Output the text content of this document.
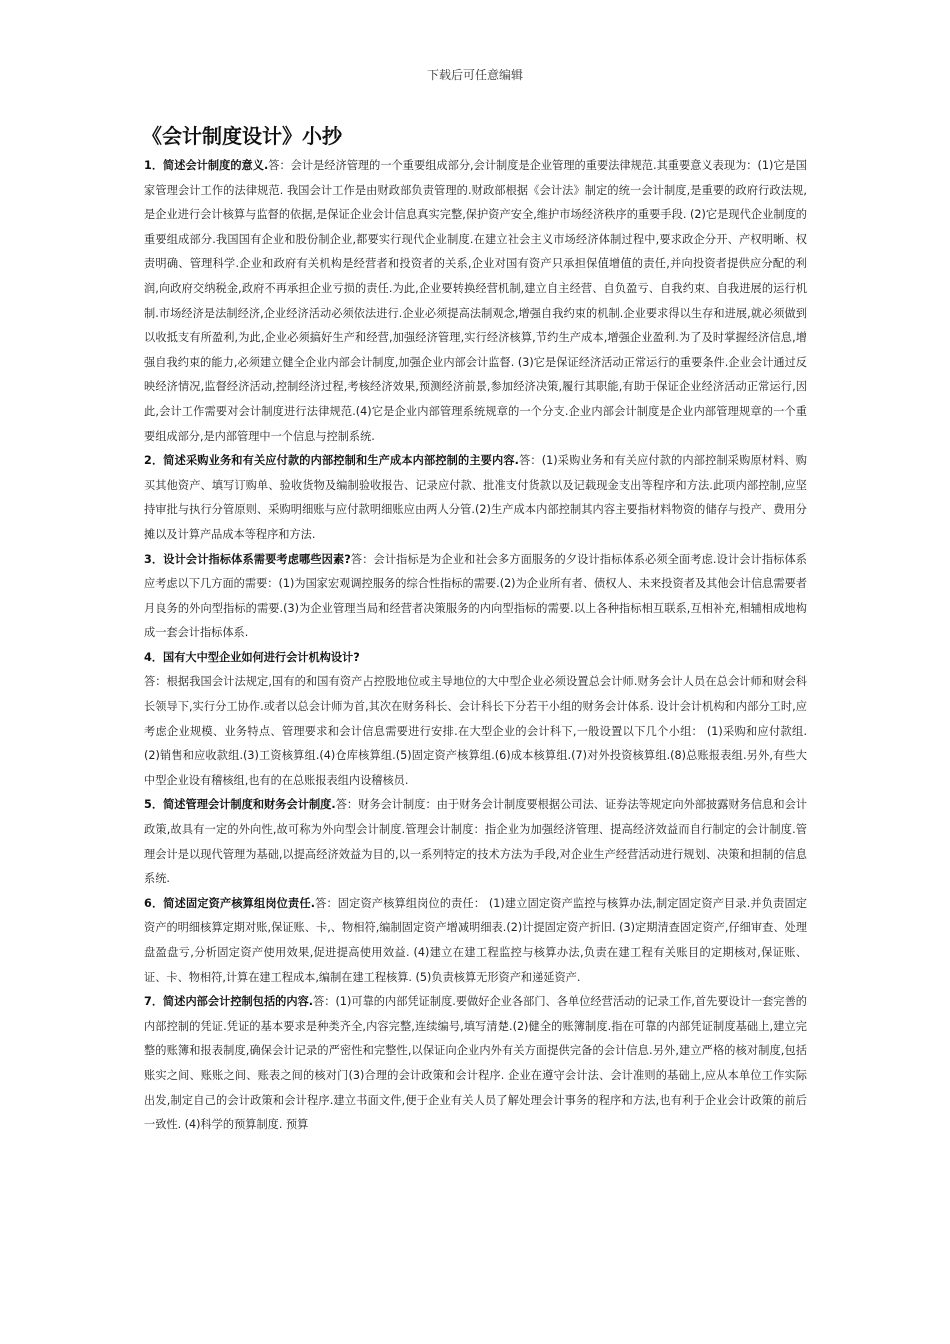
下载后可任意编辑
《会计制度设计》小抄

1．简述会计制度的意义.答：会计是经济管理的一个重要组成部分,会计制度是企业管理的重要法律规范.其重要意义表现为：(1)它是国家管理会计工作的法律规范. 我国会计工作是由财政部负责管理的.财政部根据《会计法》制定的统一会计制度,是重要的政府行政法规,是企业进行会计核算与监督的依据,是保证企业会计信息真实完整,保护资产安全,维护市场经济秩序的重要手段. (2)它是现代企业制度的重要组成部分.我国国有企业和股份制企业,都要实行现代企业制度.在建立社会主义市场经济体制过程中,要求政企分开、产权明晰、权责明确、管理科学.企业和政府有关机构是经营者和投资者的关系,企业对国有资产只承担保值增值的责任,并向投资者提供应分配的利润,向政府交纳税金,政府不再承担企业亏损的责任.为此,企业要转换经营机制,建立自主经营、自负盈亏、自我约束、自我进展的运行机制.市场经济是法制经济,企业经济活动必须依法进行.企业必须提高法制观念,增强自我约束的机制.企业要求得以生存和进展,就必须做到以收抵支有所盈利,为此,企业必须搞好生产和经营,加强经济管理,实行经济核算,节约生产成本,增强企业盈利.为了及时掌握经济信息,增强自我约束的能力,必须建立健全企业内部会计制度,加强企业内部会计监督. (3)它是保证经济活动正常运行的重要条件.企业会计通过反映经济情况,监督经济活动,控制经济过程,考核经济效果,预测经济前景,参加经济决策,履行其职能,有助于保证企业经济活动正常运行,因此,会计工作需要对会计制度进行法律规范.(4)它是企业内部管理系统规章的一个分支.企业内部会计制度是企业内部管理规章的一个重要组成部分,是内部管理中一个信息与控制系统.

2．简述采购业务和有关应付款的内部控制和生产成本内部控制的主要内容.答：(1)采购业务和有关应付款的内部控制采购原材料、购买其他资产、填写订购单、验收货物及编制验收报告、记录应付款、批准支付货款以及记载现金支出等程序和方法.此项内部控制,应坚持审批与执行分管原则、采购明细账与应付款明细账应由两人分管.(2)生产成本内部控制其内容主要指材料物资的储存与投产、费用分摊以及计算产品成本等程序和方法.

3．设计会计指标体系需要考虑哪些因素?答：会计指标是为企业和社会多方面服务的夕设计指标体系必须全面考虑.设计会计指标体系应考虑以下几方面的需要：(1)为国家宏观调控服务的综合性指标的需要.(2)为企业所有者、债权人、未来投资者及其他会计信息需要者月良务的外向型指标的需要.(3)为企业管理当局和经营者决策服务的内向型指标的需要.以上各种指标相互联系,互相补充,相辅相成地构成一套会计指标体系.

4．国有大中型企业如何进行会计机构设计?

答：根据我国会计法规定,国有的和国有资产占控股地位或主导地位的大中型企业必须设置总会计师.财务会计人员在总会计师和财会科长领导下,实行分工协作.或者以总会计师为首,其次在财务科长、会计科长下分若干小组的财务会计体系. 设计会计机构和内部分工时,应考虑企业规模、业务特点、管理要求和会计信息需要进行安排.在大型企业的会计科下,一般设置以下几个小组： (1)采购和应付款组. (2)销售和应收款组.(3)工资核算组.(4)仓库核算组.(5)固定资产核算组.(6)成本核算组.(7)对外投资核算组.(8)总账报表组.另外,有些大中型企业设有稽核组,也有的在总账报表组内设稽核员.

5．简述管理会计制度和财务会计制度.答：财务会计制度：由于财务会计制度要根据公司法、证券法等规定向外部披露财务信息和会计政策,故具有一定的外向性,故可称为外向型会计制度.管理会计制度：指企业为加强经济管理、提高经济效益而自行制定的会计制度.管理会计是以现代管理为基础,以提高经济效益为目的,以一系列特定的技术方法为手段,对企业生产经营活动进行规划、决策和担制的信息系统.

6．简述固定资产核算组岗位责任.答：固定资产核算组岗位的责任： (1)建立固定资产监控与核算办法,制定固定资产目录.并负责固定资产的明细核算定期对账,保证账、卡,、物相符,编制固定资产增减明细表.(2)计提固定资产折旧. (3)定期清查固定资产,仔细审查、处理盘盈盘亏,分析固定资产使用效果,促进提高使用效益. (4)建立在建工程监控与核算办法,负责在建工程有关账目的定期核对,保证账、证、卡、物相符,计算在建工程成本,编制在建工程核算. (5)负责核算无形资产和递延资产.

7．简述内部会计控制包括的内容.答：(1)可靠的内部凭证制度.要做好企业各部门、各单位经营活动的记录工作,首先要设计一套完善的内部控制的凭证.凭证的基本要求是种类齐全,内容完整,连续编号,填写清楚.(2)健全的账簿制度.指在可靠的内部凭证制度基础上,建立完整的账簿和报表制度,确保会计记录的严密性和完整性,以保证向企业内外有关方面提供完备的会计信息.另外,建立严格的核对制度,包括账实之间、账账之间、账表之间的核对门(3)合理的会计政策和会计程序. 企业在遵守会计法、会计准则的基础上,应从本单位工作实际出发,制定自己的会计政策和会计程序.建立书面文件,便于企业有关人员了解处理会计事务的程序和方法,也有利于企业会计政策的前后一致性. (4)科学的预算制度. 预算
